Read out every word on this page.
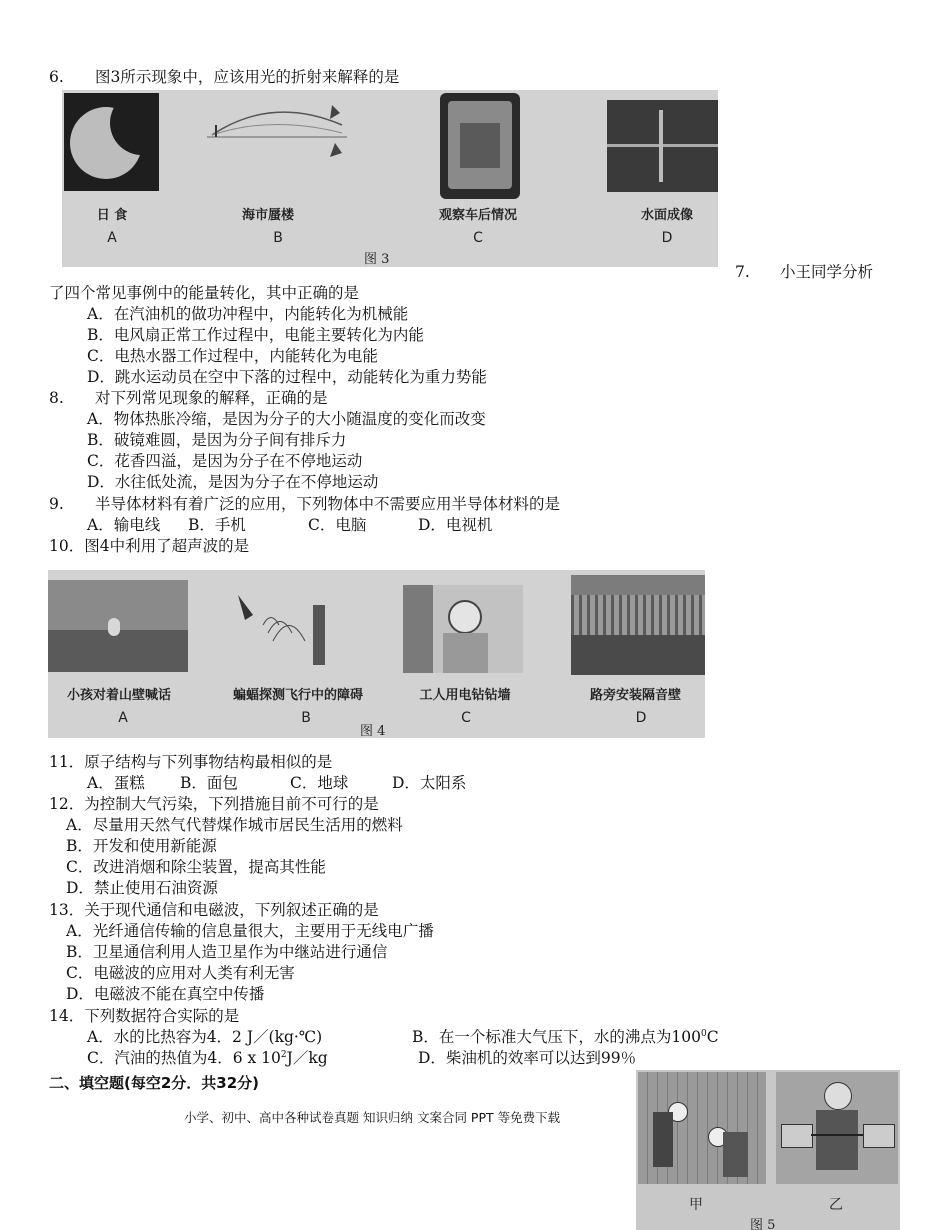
6. 图3所示现象中，应该用光的折射来解释的是
日 食
A
海市蜃楼
B
观察车后情况
C
水面成像
D
图 3
7. 小王同学分析
了四个常见事例中的能量转化，其中正确的是
A．在汽油机的做功冲程中，内能转化为机械能
B．电风扇正常工作过程中，电能主要转化为内能
C．电热水器工作过程中，内能转化为电能
D．跳水运动员在空中下落的过程中，动能转化为重力势能
8. 对下列常见现象的解释，正确的是
A．物体热胀冷缩，是因为分子的大小随温度的变化而改变
B．破镜难圆，是因为分子间有排斥力
C．花香四溢，是因为分子在不停地运动
D．水往低处流，是因为分子在不停地运动
9. 半导体材料有着广泛的应用，下列物体中不需要应用半导体材料的是
A．输电线 B．手机	C．电脑	D．电视机
10．图4中利用了超声波的是
小孩对着山壁喊话
A
蝙蝠探测飞行中的障碍
B
工人用电钻钻墙
C
路旁安装隔音壁
D
图 4
11．原子结构与下列事物结构最相似的是
A．蛋糕 B．面包	C．地球	D．太阳系
12．为控制大气污染，下列措施目前不可行的是
A．尽量用天然气代替煤作城市居民生活用的燃料
B．开发和使用新能源
C．改进消烟和除尘装置，提高其性能
D．禁止使用石油资源
13．关于现代通信和电磁波，下列叙述正确的是
A．光纤通信传输的信息量很大，主要用于无线电广播
B．卫星通信利用人造卫星作为中继站进行通信
C．电磁波的应用对人类有利无害
D．电磁波不能在真空中传播
14．下列数据符合实际的是
A．水的比热容为4．2 J／(kg·℃)	B．在一个标准大气压下，水的沸点为$100^0C$
C．汽油的热值为4．6 x $10^2J/kg$	D．柴油机的效率可以达到99％
二、填空题(每空2分．共32分)
小学、初中、高中各种试卷真题 知识归纳 文案合同 PPT 等免费下载
甲	乙
图 5
